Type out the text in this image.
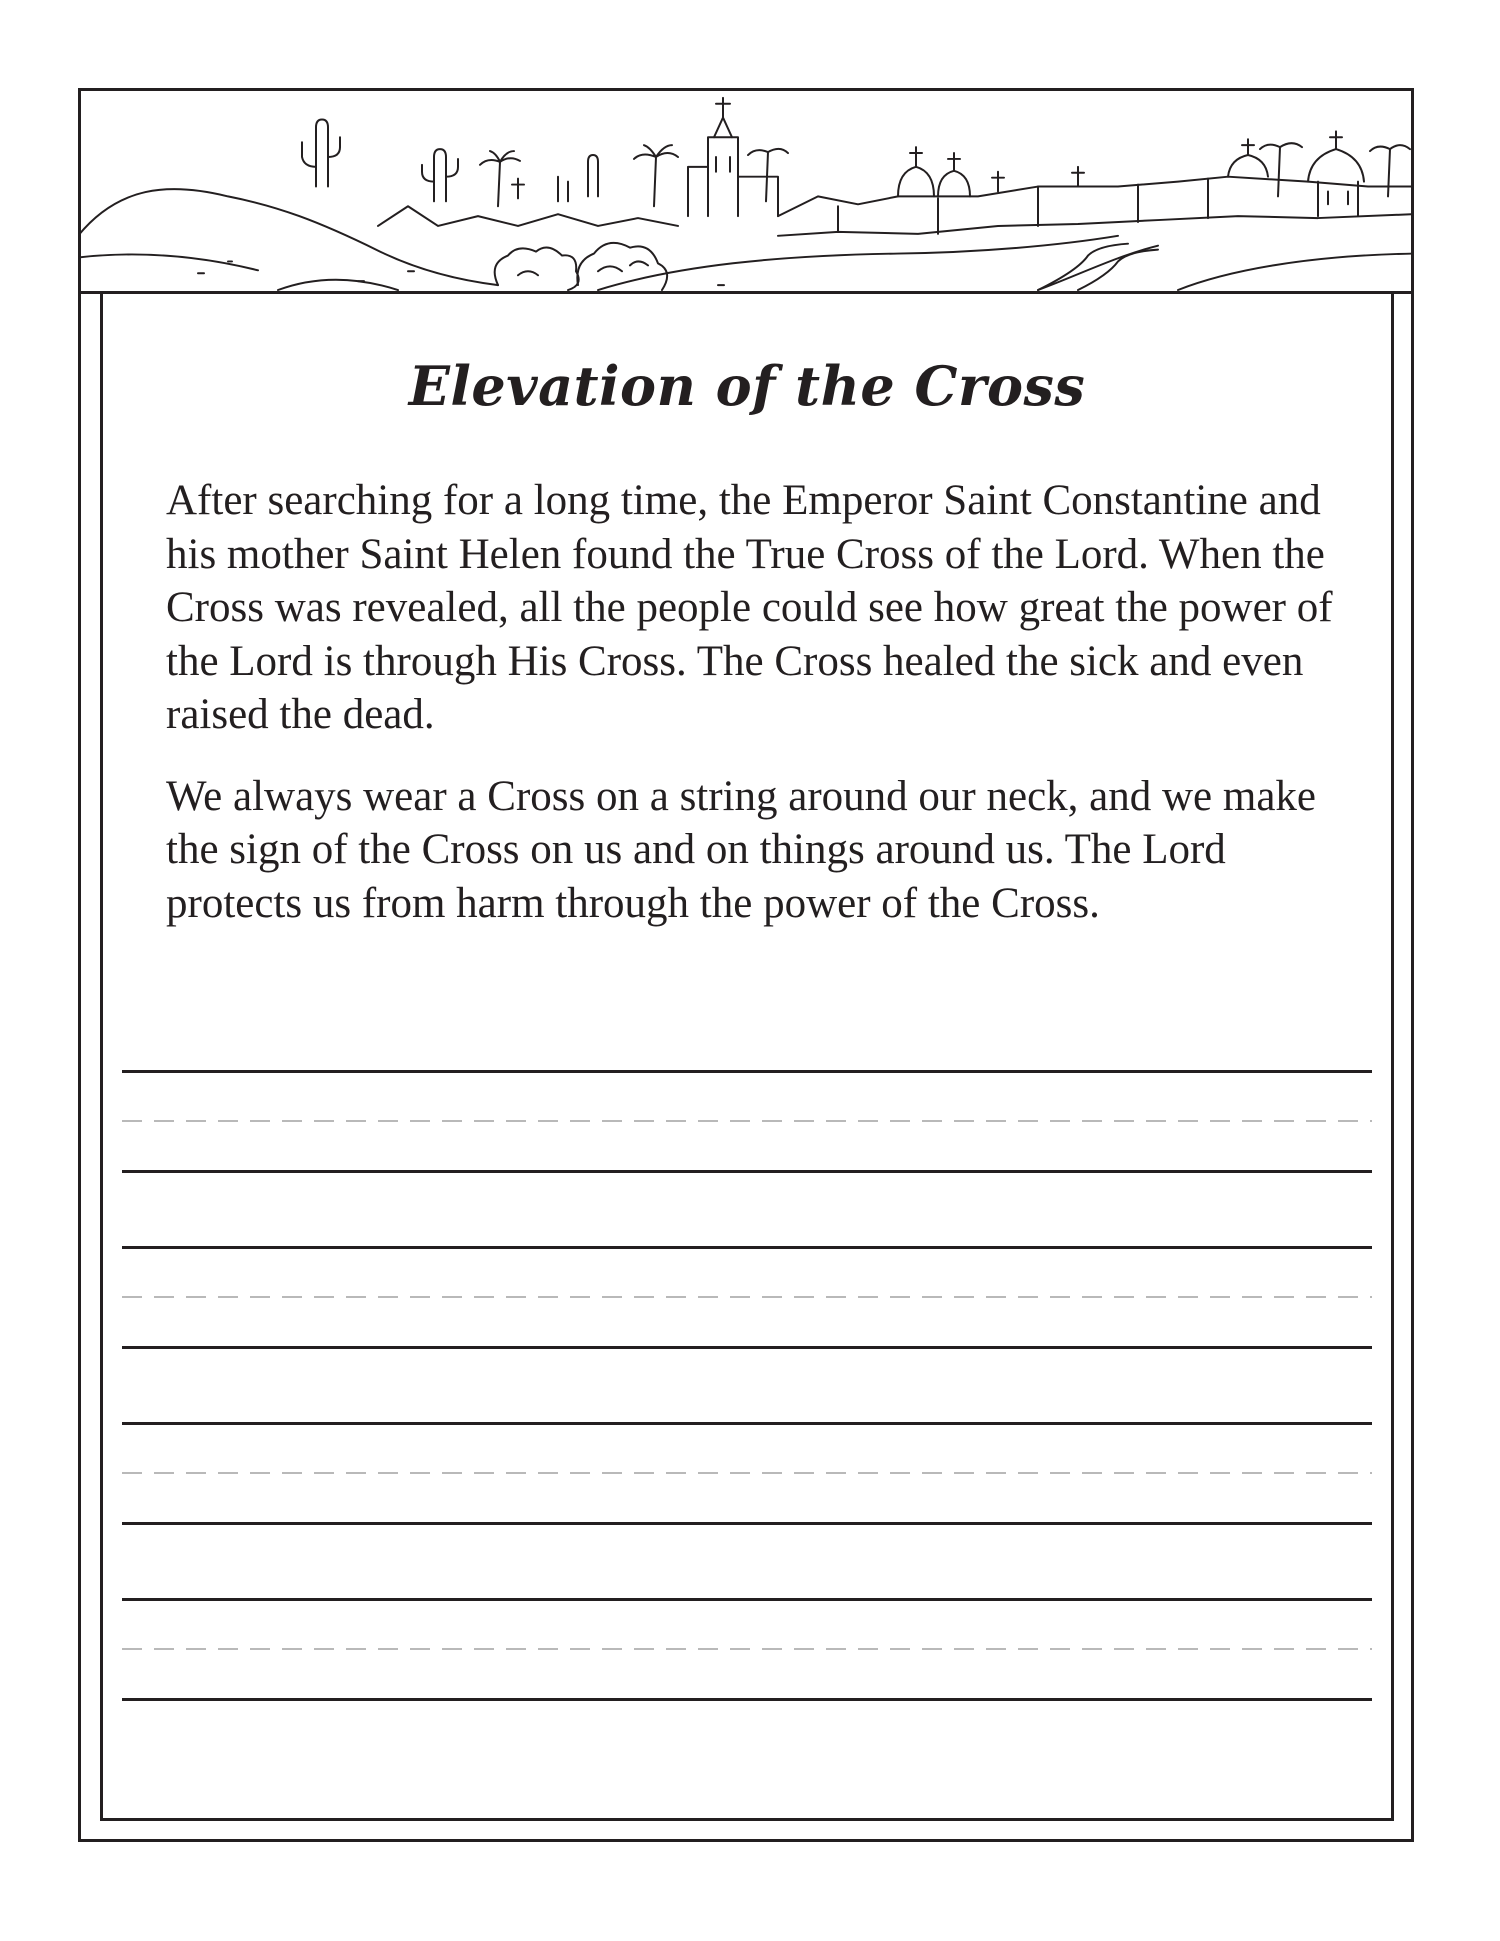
Elevation of the Cross

After searching for a long time, the Emperor Saint Constantine and his mother Saint Helen found the True Cross of the Lord. When the Cross was revealed, all the people could see how great the power of the Lord is through His Cross. The Cross healed the sick and even raised the dead.

We always wear a Cross on a string around our neck, and we make the sign of the Cross on us and on things around us. The Lord protects us from harm through the power of the Cross.
